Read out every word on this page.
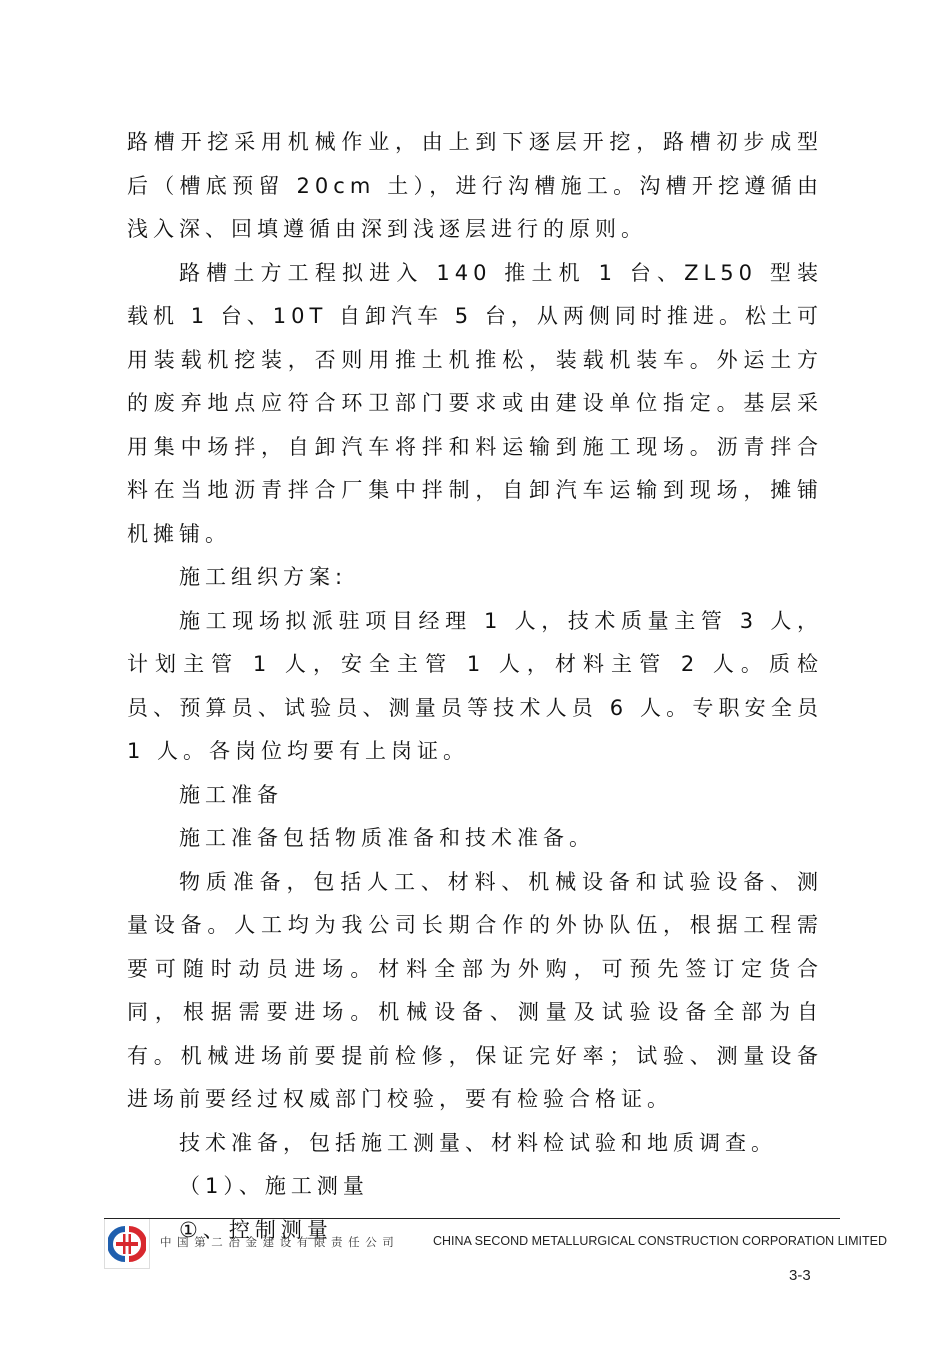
路槽开挖采用机械作业，由上到下逐层开挖，路槽初步成型后（槽底预留 20cm 土），进行沟槽施工。沟槽开挖遵循由浅入深、回填遵循由深到浅逐层进行的原则。

路槽土方工程拟进入 140 推土机 1 台、ZL50 型装载机 1 台、10T 自卸汽车 5 台，从两侧同时推进。松土可用装载机挖装，否则用推土机推松，装载机装车。外运土方的废弃地点应符合环卫部门要求或由建设单位指定。基层采用集中场拌，自卸汽车将拌和料运输到施工现场。沥青拌合料在当地沥青拌合厂集中拌制，自卸汽车运输到现场，摊铺机摊铺。

施工组织方案:

施工现场拟派驻项目经理 1 人，技术质量主管 3 人，计划主管 1 人，安全主管 1 人，材料主管 2 人。质检员、预算员、试验员、测量员等技术人员 6 人。专职安全员 1 人。各岗位均要有上岗证。

施工准备

施工准备包括物质准备和技术准备。

物质准备，包括人工、材料、机械设备和试验设备、测量设备。人工均为我公司长期合作的外协队伍，根据工程需要可随时动员进场。材料全部为外购，可预先签订定货合同，根据需要进场。机械设备、测量及试验设备全部为自有。机械进场前要提前检修，保证完好率；试验、测量设备进场前要经过权威部门校验，要有检验合格证。

技术准备，包括施工测量、材料检试验和地质调查。

（1）、施工测量

①、控制测量

中国第二冶金建设有限责任公司	CHINA SECOND METALLURGICAL CONSTRUCTION CORPORATION LIMITED
3-3
